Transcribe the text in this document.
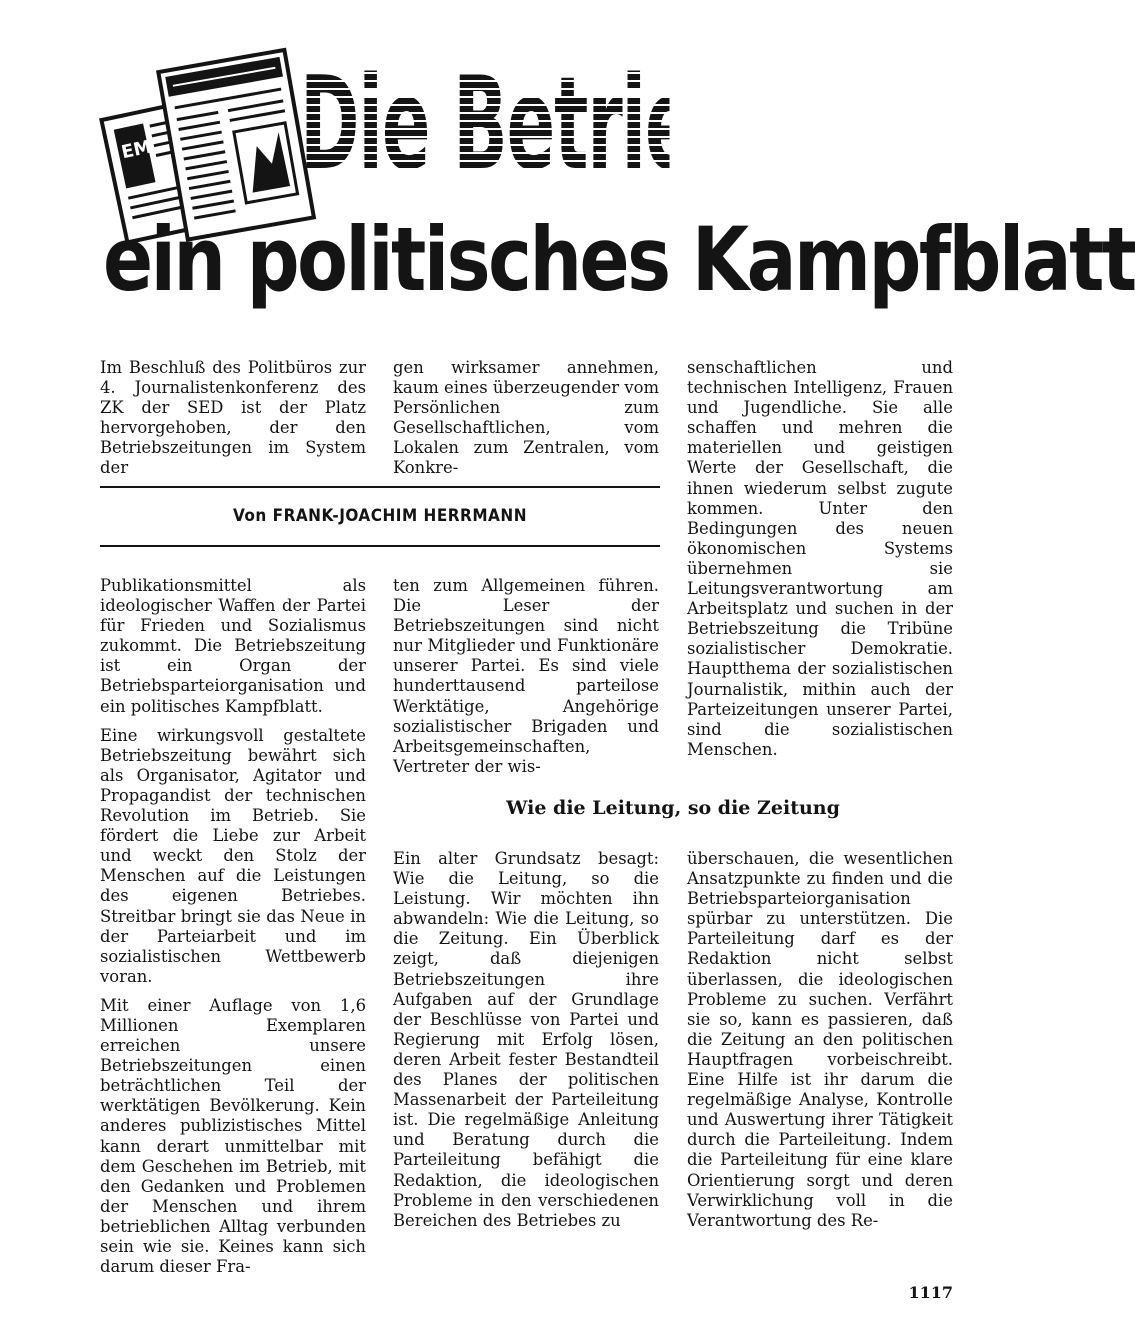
EM Die Betriebszeitung -
ein politisches Kampfblatt

Im Beschluß des Politbüros zur 4. Journalistenkonferenz des ZK der SED ist der Platz hervorgehoben, der den Betriebszeitungen im System der

gen wirksamer annehmen, kaum eines überzeugender vom Persönlichen zum Gesellschaftlichen, vom Lokalen zum Zentralen, vom Konkre-

senschaftlichen und technischen Intelligenz, Frauen und Jugendliche. Sie alle schaffen und mehren die materiellen und geistigen Werte der Gesellschaft, die ihnen wiederum selbst zugute kommen. Unter den Bedingungen des neuen ökonomischen Systems übernehmen sie Leitungsverantwortung am Arbeitsplatz und suchen in der Betriebszeitung die Tribüne sozialistischer Demokratie. Hauptthema der sozialistischen Journalistik, mithin auch der Parteizeitungen unserer Partei, sind die sozialistischen Menschen.

Von FRANK-JOACHIM HERRMANN

Publikationsmittel als ideologischer Waffen der Partei für Frieden und Sozialismus zukommt. Die Betriebszeitung ist ein Organ der Betriebsparteiorganisation und ein politisches Kampfblatt.

Eine wirkungsvoll gestaltete Betriebszeitung bewährt sich als Organisator, Agitator und Propagandist der technischen Revolution im Betrieb. Sie fördert die Liebe zur Arbeit und weckt den Stolz der Menschen auf die Leistungen des eigenen Betriebes. Streitbar bringt sie das Neue in der Parteiarbeit und im sozialistischen Wettbewerb voran.

Mit einer Auflage von 1,6 Millionen Exemplaren erreichen unsere Betriebszeitungen einen beträchtlichen Teil der werktätigen Bevölkerung. Kein anderes publizistisches Mittel kann derart unmittelbar mit dem Geschehen im Betrieb, mit den Gedanken und Problemen der Menschen und ihrem betrieblichen Alltag verbunden sein wie sie. Keines kann sich darum dieser Fra-

ten zum Allgemeinen führen. Die Leser der Betriebszeitungen sind nicht nur Mitglieder und Funktionäre unserer Partei. Es sind viele hunderttausend parteilose Werktätige, Angehörige sozialistischer Brigaden und Arbeitsgemeinschaften, Vertreter der wis-

Wie die Leitung, so die Zeitung

Ein alter Grundsatz besagt: Wie die Leitung, so die Leistung. Wir möchten ihn abwandeln: Wie die Leitung, so die Zeitung. Ein Überblick zeigt, daß diejenigen Betriebszeitungen ihre Aufgaben auf der Grundlage der Beschlüsse von Partei und Regierung mit Erfolg lösen, deren Arbeit fester Bestandteil des Planes der politischen Massenarbeit der Parteileitung ist. Die regelmäßige Anleitung und Beratung durch die Parteileitung befähigt die Redaktion, die ideologischen Probleme in den verschiedenen Bereichen des Betriebes zu

überschauen, die wesentlichen Ansatzpunkte zu finden und die Betriebsparteiorganisation spürbar zu unterstützen. Die Parteileitung darf es der Redaktion nicht selbst überlassen, die ideologischen Probleme zu suchen. Verfährt sie so, kann es passieren, daß die Zeitung an den politischen Hauptfragen vorbeischreibt. Eine Hilfe ist ihr darum die regelmäßige Analyse, Kontrolle und Auswertung ihrer Tätigkeit durch die Parteileitung. Indem die Parteileitung für eine klare Orientierung sorgt und deren Verwirklichung voll in die Verantwortung des Re-

1117
